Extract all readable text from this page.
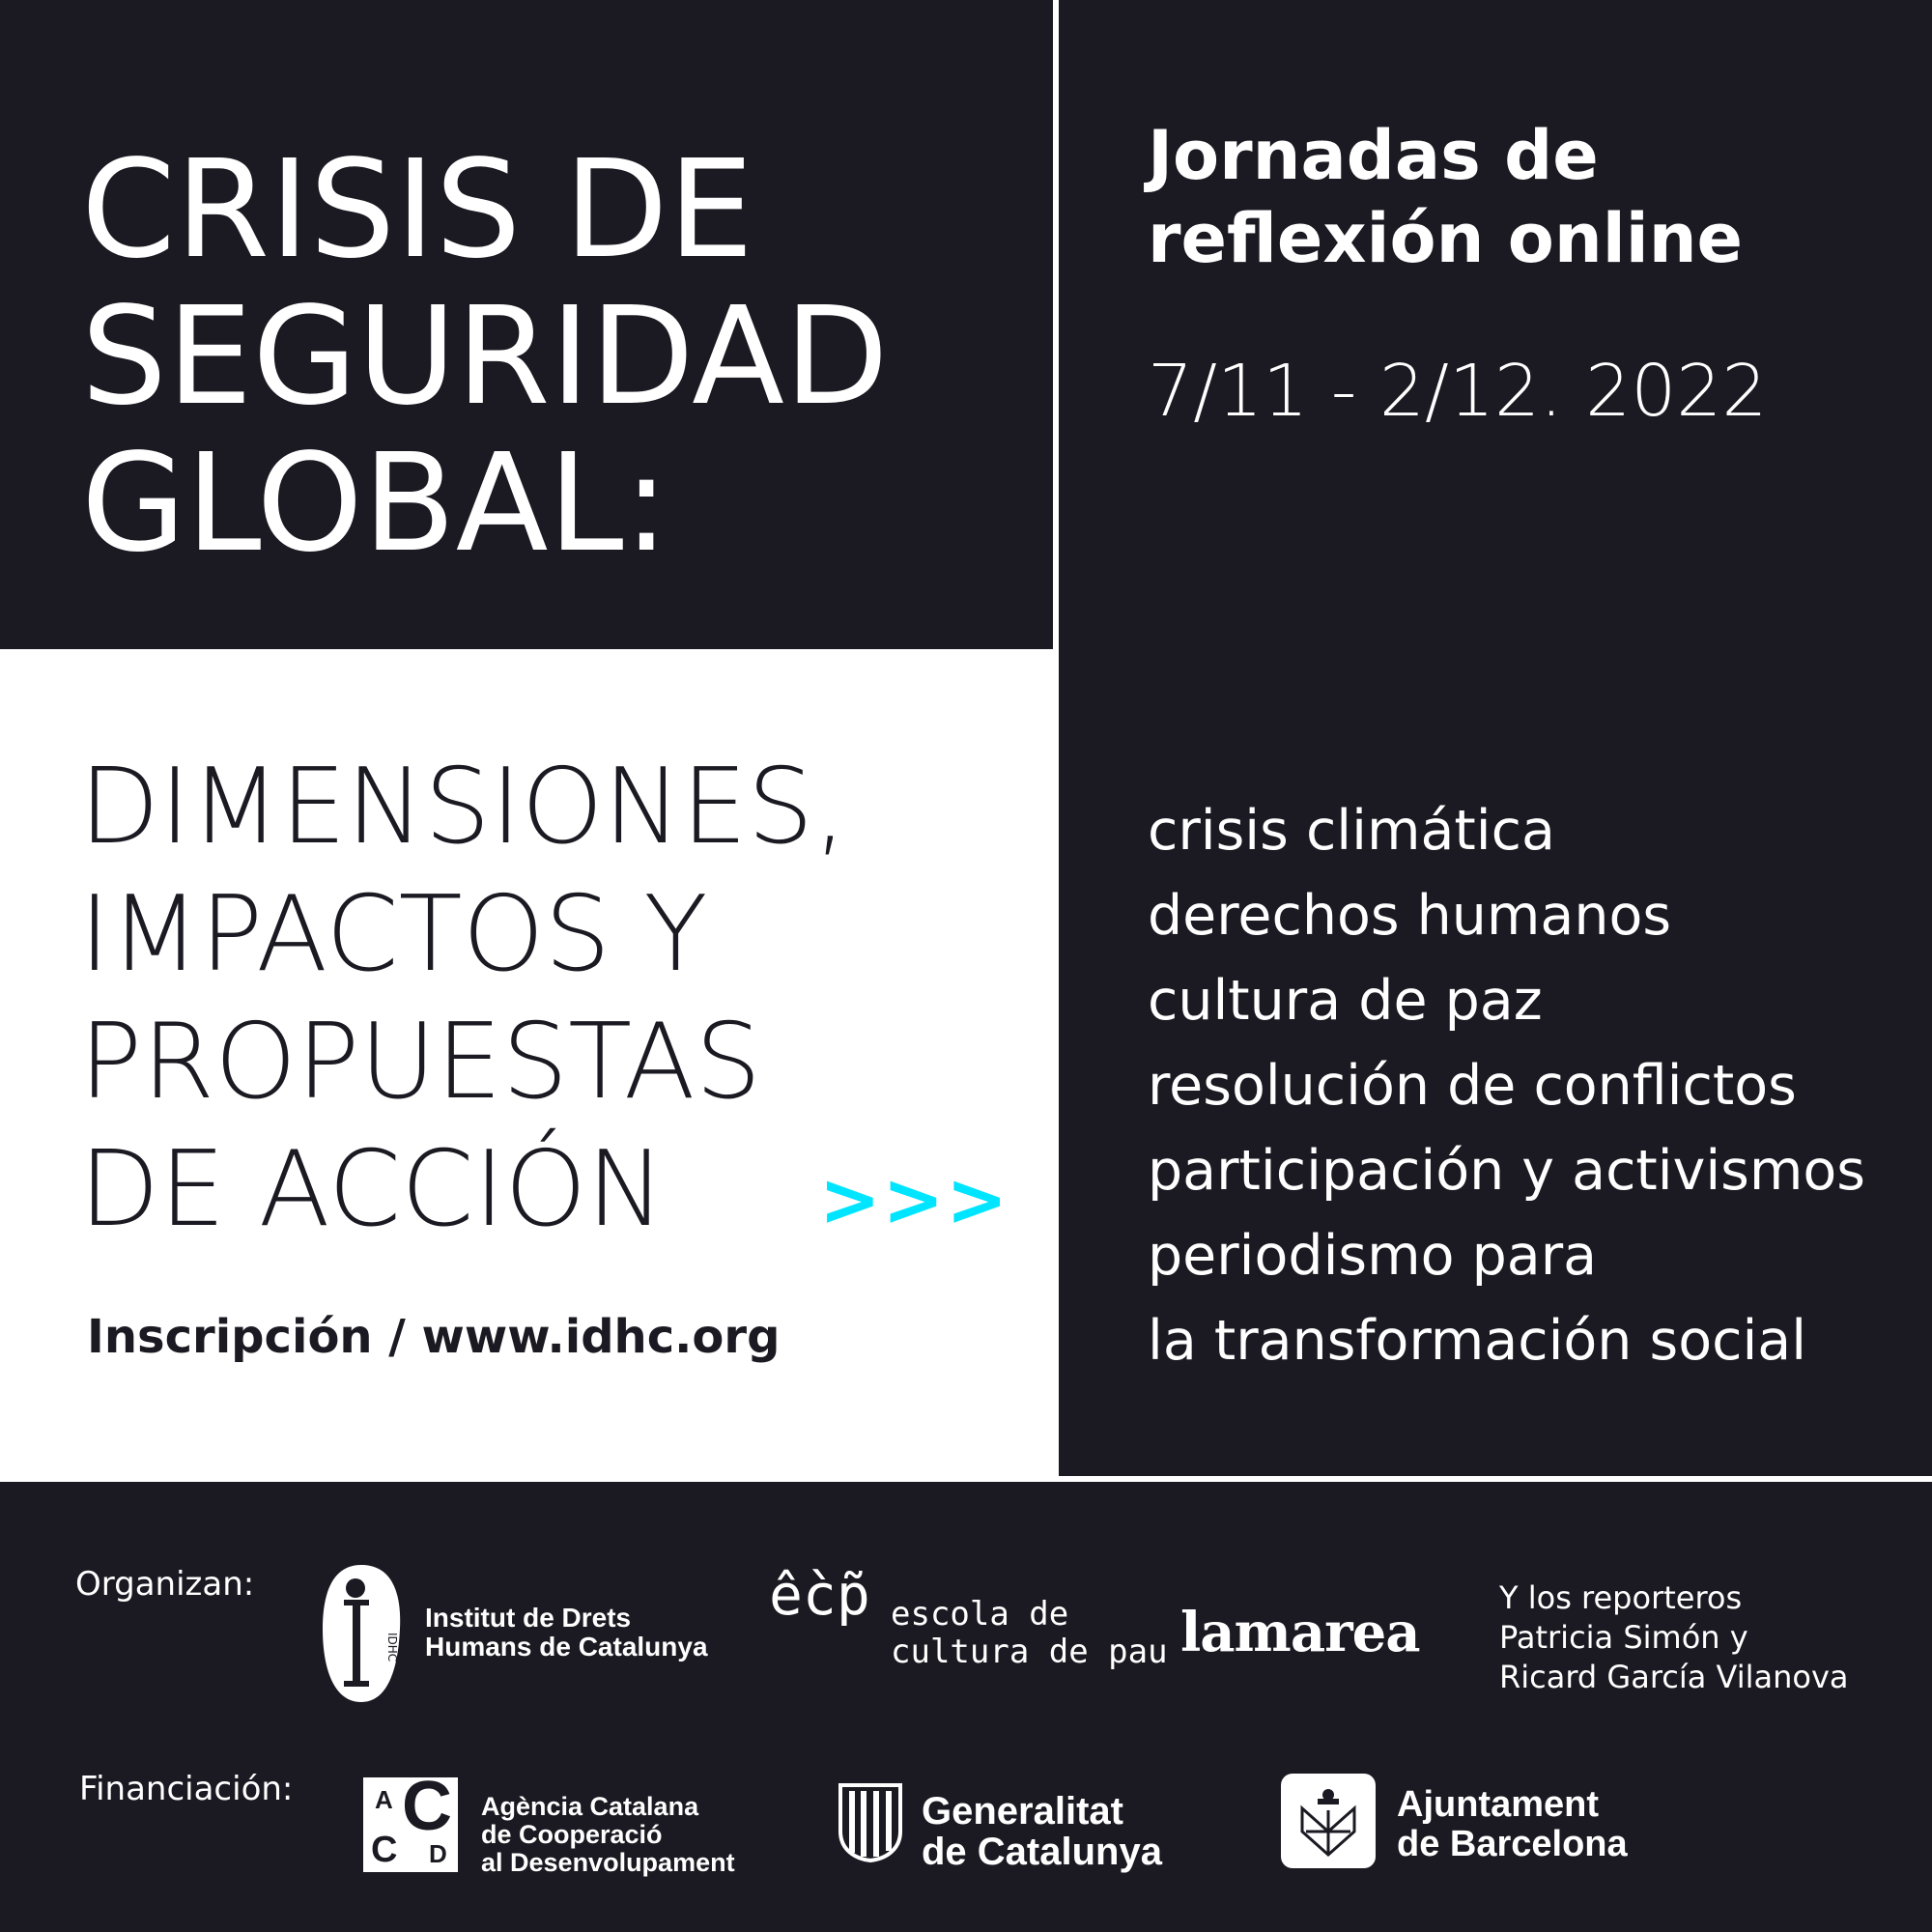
CRISIS DE
SEGURIDAD
GLOBAL:
DIMENSIONES,
IMPACTOS Y
PROPUESTAS
DE ACCIÓN >>>
Inscripción / www.idhc.org
Jornadas de
reflexión online
7/11 - 2/12. 2022
crisis climática
derechos humanos
cultura de paz
resolución de conflictos
participación y activismos
periodismo para
la transformación social
Organizan:
IDHC
Institut de Drets
Humans de Catalunya
êc̀p̃ escola de
cultura de pau lamarea
Y los reporteros
Patricia Simón y
Ricard García Vilanova
Financiación:	A C
C D
Agència Catalana
de Cooperació
al Desenvolupament
Generalitat
de Catalunya
Ajuntament
de Barcelona
